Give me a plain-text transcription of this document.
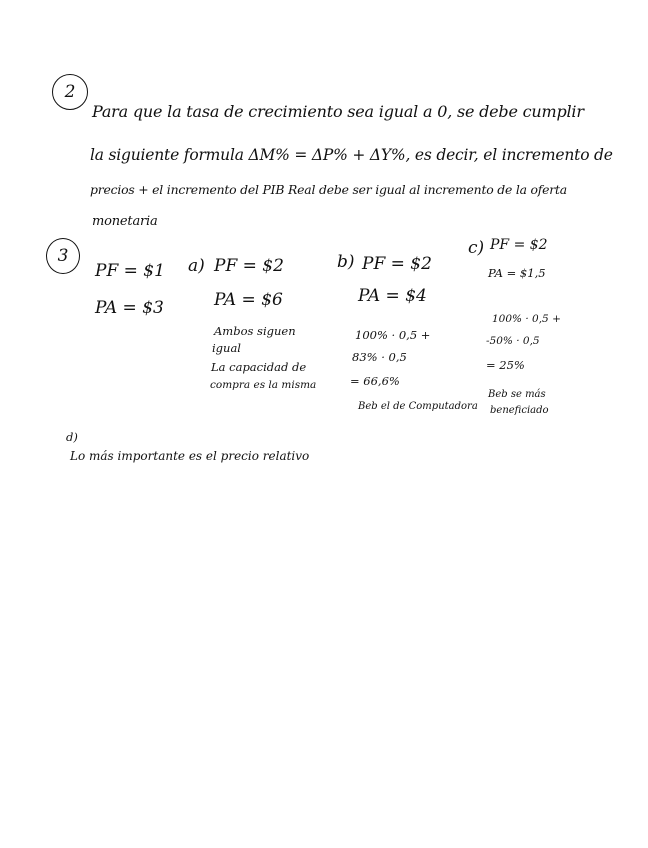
2
Para que la tasa de crecimiento sea igual a 0, se debe cumplir
la siguiente formula ΔM% = ΔP% + ΔY%, es decir, el incremento de
precios + el incremento del PIB Real debe ser igual al incremento de la oferta
monetaria
3
PF = $1
PA = $3
a) PF = $2
PA = $6
Ambos siguen
igual
La capacidad de
compra es la misma
b) PF = $2
PA = $4
100% · 0,5 +
83% · 0,5
= 66,6%
Beb el de Computadora
c) PF = $2
PA = $1,5
100% · 0,5 +
-50% · 0,5
= 25%
Beb se más
beneficiado
d)
Lo más importante es el precio relativo
